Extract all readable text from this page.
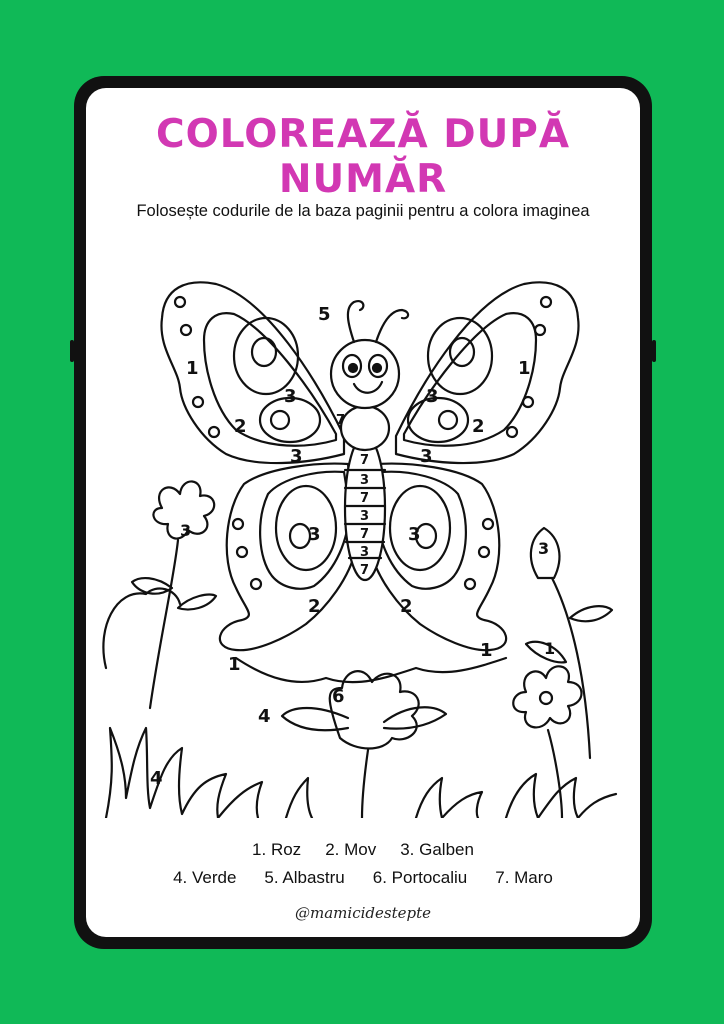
COLOREAZĂ DUPĂ NUMĂR

Folosește codurile de la baza paginii pentru a colora imaginea

5
1
3
2
3
1
3
2
3
7
7
3
7
3
7
3
7
3
2
1
3
2
1
3
3
1
6
4
4
1. Roz 2. Mov 3. Galben
4. Verde 5. Albastru 6. Portocaliu 7. Maro
@mamicidestepte
